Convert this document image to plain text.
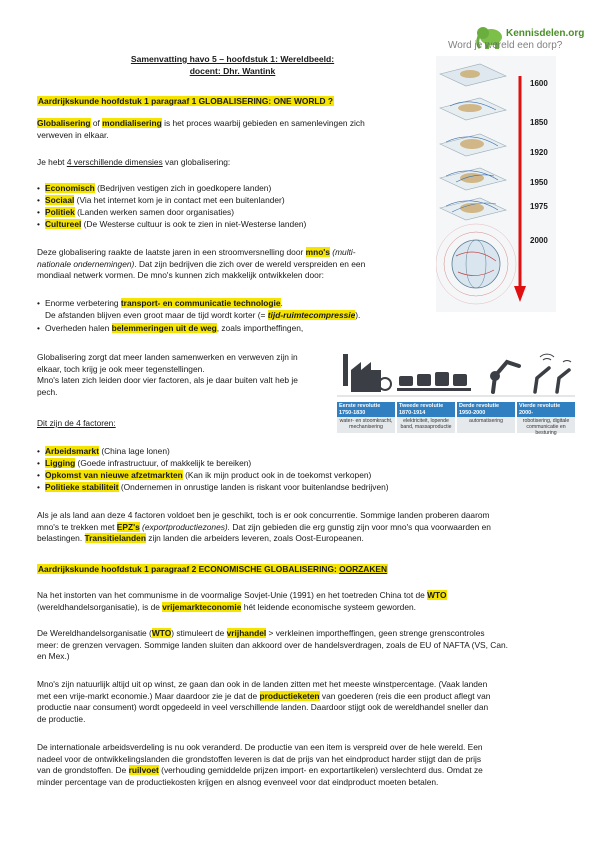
Kennisdelen.org
Word je wereld een dorp?
Samenvatting havo 5 – hoofdstuk 1: Wereldbeeld:
docent: Dhr. Wantink
Aardrijkskunde hoofdstuk 1 paragraaf 1 GLOBALISERING: ONE WORLD ?
Globalisering of mondialisering is het proces waarbij gebieden en samenlevingen zich
verweven in elkaar.
Je hebt 4 verschillende dimensies van globalisering:
• Economisch (Bedrijven vestigen zich in goedkopere landen)
• Sociaal (Via het internet kom je in contact met een buitenlander)
• Politiek (Landen werken samen door organisaties)
• Cultureel (De Westerse cultuur is ook te zien in niet-Westerse landen)
Deze globalisering raakte de laatste jaren in een stroomversnelling door mno's (multi-
nationale ondernemingen). Dat zijn bedrijven die zich over de wereld verspreiden en een
mondiaal netwerk vormen. De mno's kunnen zich makkelijk ontwikkelen door:
• Enorme verbetering transport- en communicatie technologie.
De afstanden blijven even groot maar de tijd wordt korter (= tijd-ruimtecompressie).
• Overheden halen belemmeringen uit de weg, zoals importheffingen,
Globalisering zorgt dat meer landen samenwerken en verweven zijn in
elkaar, toch krijg je ook meer tegenstellingen.
Mno's laten zich leiden door vier factoren, als je daar buiten valt heb je
pech.
Dit zijn de 4 factoren:
• Arbeidsmarkt (China lage lonen)
• Ligging (Goede infrastructuur, of makkelijk te bereiken)
• Opkomst van nieuwe afzetmarkten (Kan ik mijn product ook in de toekomst verkopen)
• Politieke stabiliteit (Ondernemen in onrustige landen is riskant voor buitenlandse bedrijven)
Als je als land aan deze 4 factoren voldoet ben je geschikt, toch is er ook concurrentie. Sommige landen proberen daarom
mno's te trekken met EPZ's (exportproductiezones). Dat zijn gebieden die erg gunstig zijn voor mno's qua voorwaarden en
belastingen. Transitielanden zijn landen die arbeiders leveren, zoals Oost-Europeanen.
Aardrijkskunde hoofdstuk 1 paragraaf 2 ECONOMISCHE GLOBALISERING: OORZAKEN
Na het instorten van het communisme in de voormalige Sovjet-Unie (1991) en het toetreden China tot de WTO
(wereldhandelsorganisatie), is de vrijemarkteconomie hét leidende economische systeem geworden.
De Wereldhandelsorganisatie (WTO) stimuleert de vrijhandel > verkleinen importheffingen, geen strenge grenscontroles
meer: de grenzen vervagen. Sommige landen sluiten dan akkoord over de handelsverdragen, zoals de EU of NAFTA (VS, Can.
en Mex.)
Mno's zijn natuurlijk altijd uit op winst, ze gaan dan ook in de landen zitten met het meeste winstpercentage. (Vaak landen
met een vrije-markt economie.) Maar daardoor zie je dat de productieketen van goederen (reis die een product aflegt van
productie naar consument) wordt opgedeeld in veel verschillende landen. Daardoor stijgt ook de wereldhandel sneller dan
de productie.
De internationale arbeidsverdeling is nu ook veranderd. De productie van een item is verspreid over de hele wereld. Een
nadeel voor de ontwikkelingslanden die grondstoffen leveren is dat de prijs van het eindproduct harder stijgt dan de prijs
van de grondstoffen. De ruilvoet (verhouding gemiddelde prijzen import- en exportartikelen) verslechterd dus. Omdat ze
minder percentage van de productiekosten krijgen en alsnog evenveel voor dat eindproduct moeten betalen.
1600
1850
1920
1950
1975
2000
Eerste revolutie
1750-1830
water- en stoomkracht, mechanisering
Tweede revolutie
1870-1914
elektriciteit, lopende band, massaproductie
Derde revolutie
1950-2000
automatisering
Vierde revolutie
2000-
robotisering, digitale communicatie en besturing
